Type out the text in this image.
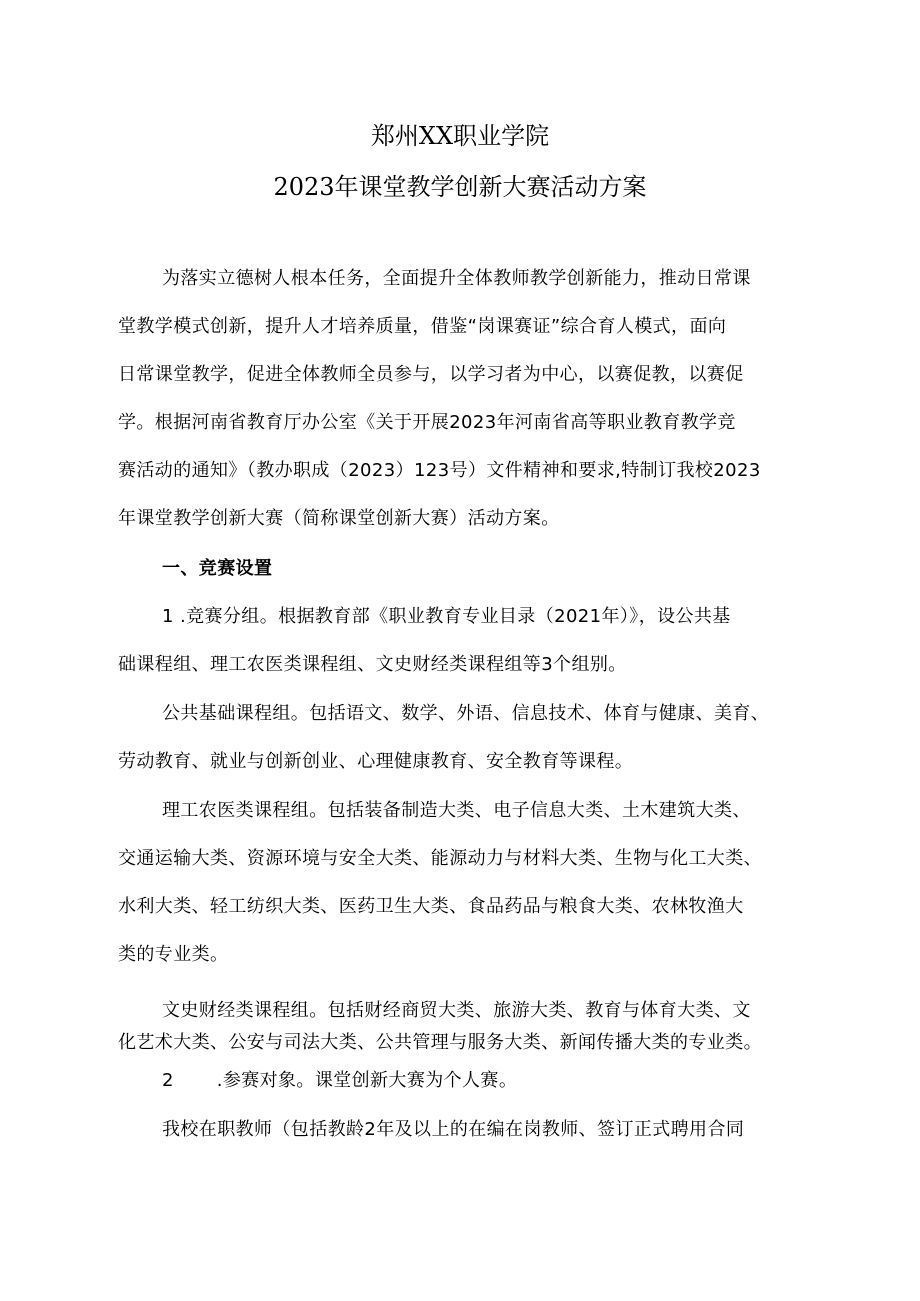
郑州XX职业学院
2023年课堂教学创新大赛活动方案
为落实立德树人根本任务，全面提升全体教师教学创新能力，推动日常课
堂教学模式创新，提升人才培养质量，借鉴“岗课赛证”综合育人模式，面向
日常课堂教学，促进全体教师全员参与，以学习者为中心，以赛促教，以赛促
学。根据河南省教育厅办公室《关于开展2023年河南省高等职业教育教学竞
赛活动的通知》（教办职成（2023）123号）文件精神和要求,特制订我校2023
年课堂教学创新大赛（简称课堂创新大赛）活动方案。
一、竞赛设置
1 .竞赛分组。根据教育部《职业教育专业目录（2021年）》，设公共基
础课程组、理工农医类课程组、文史财经类课程组等3个组别。
公共基础课程组。包括语文、数学、外语、信息技术、体育与健康、美育、
劳动教育、就业与创新创业、心理健康教育、安全教育等课程。
理工农医类课程组。包括装备制造大类、电子信息大类、土木建筑大类、
交通运输大类、资源环境与安全大类、能源动力与材料大类、生物与化工大类、
水利大类、轻工纺织大类、医药卫生大类、食品药品与粮食大类、农林牧渔大
类的专业类。
文史财经类课程组。包括财经商贸大类、旅游大类、教育与体育大类、文
化艺术大类、公安与司法大类、公共管理与服务大类、新闻传播大类的专业类。
2       .参赛对象。课堂创新大赛为个人赛。
我校在职教师（包括教龄2年及以上的在编在岗教师、签订正式聘用合同
